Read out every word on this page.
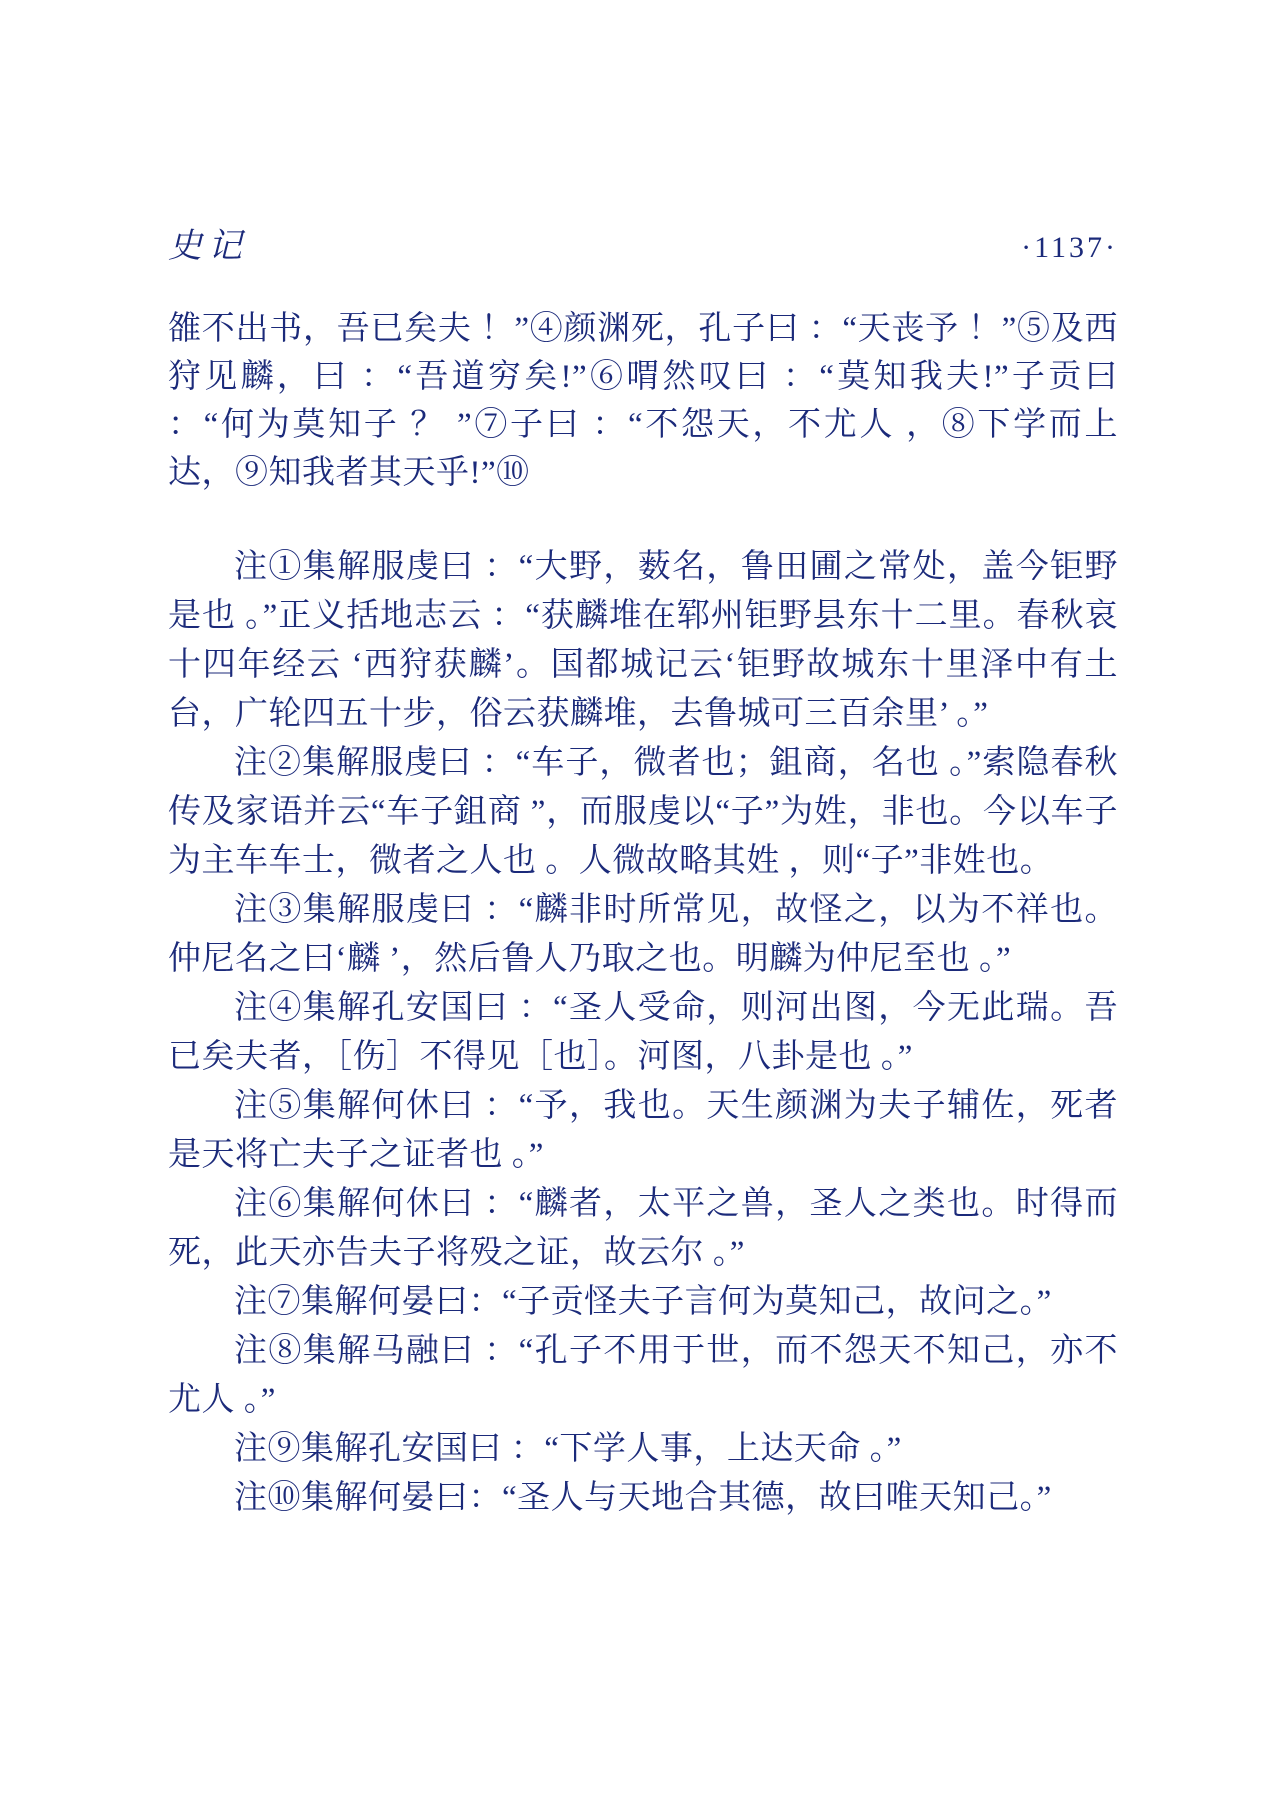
史记	·1137·

雒不出书，吾已矣夫 ！”④颜渊死，孔子曰 ：“天丧予 ！”⑤及西狩见麟，曰 ：“吾道穷矣!”⑥喟然叹曰 ：“莫知我夫!”子贡曰 ：“何为莫知子 ？ ”⑦子曰 ：“不怨天，不尤人 ，⑧下学而上达，⑨知我者其天乎!”⑩

注①集解服虔曰 ：“大野，薮名，鲁田圃之常处，盖今钜野是也 。”正义括地志云 ：“获麟堆在郓州钜野县东十二里。春秋哀十四年经云 ‘西狩获麟’。国都城记云‘钜野故城东十里泽中有土台，广轮四五十步，俗云获麟堆，去鲁城可三百余里’ 。”

注②集解服虔曰 ：“车子，微者也；鉏商，名也 。”索隐春秋传及家语并云“车子鉏商 ”，而服虔以“子”为姓，非也。今以车子为主车车士，微者之人也 。人微故略其姓 ，则“子”非姓也。

注③集解服虔曰 ：“麟非时所常见，故怪之，以为不祥也。仲尼名之曰‘麟 ’，然后鲁人乃取之也。明麟为仲尼至也 。”

注④集解孔安国曰 ：“圣人受命，则河出图，今无此瑞。吾已矣夫者，［伤］不得见［也］。河图，八卦是也 。”

注⑤集解何休曰 ：“予，我也。天生颜渊为夫子辅佐，死者是天将亡夫子之证者也 。”

注⑥集解何休曰 ：“麟者，太平之兽，圣人之类也。时得而死，此天亦告夫子将殁之证，故云尔 。”

注⑦集解何晏曰：“子贡怪夫子言何为莫知己，故问之。”

注⑧集解马融曰 ：“孔子不用于世，而不怨天不知己，亦不尤人 。”

注⑨集解孔安国曰 ：“下学人事，上达天命 。”

注⑩集解何晏曰：“圣人与天地合其德，故曰唯天知己。”
